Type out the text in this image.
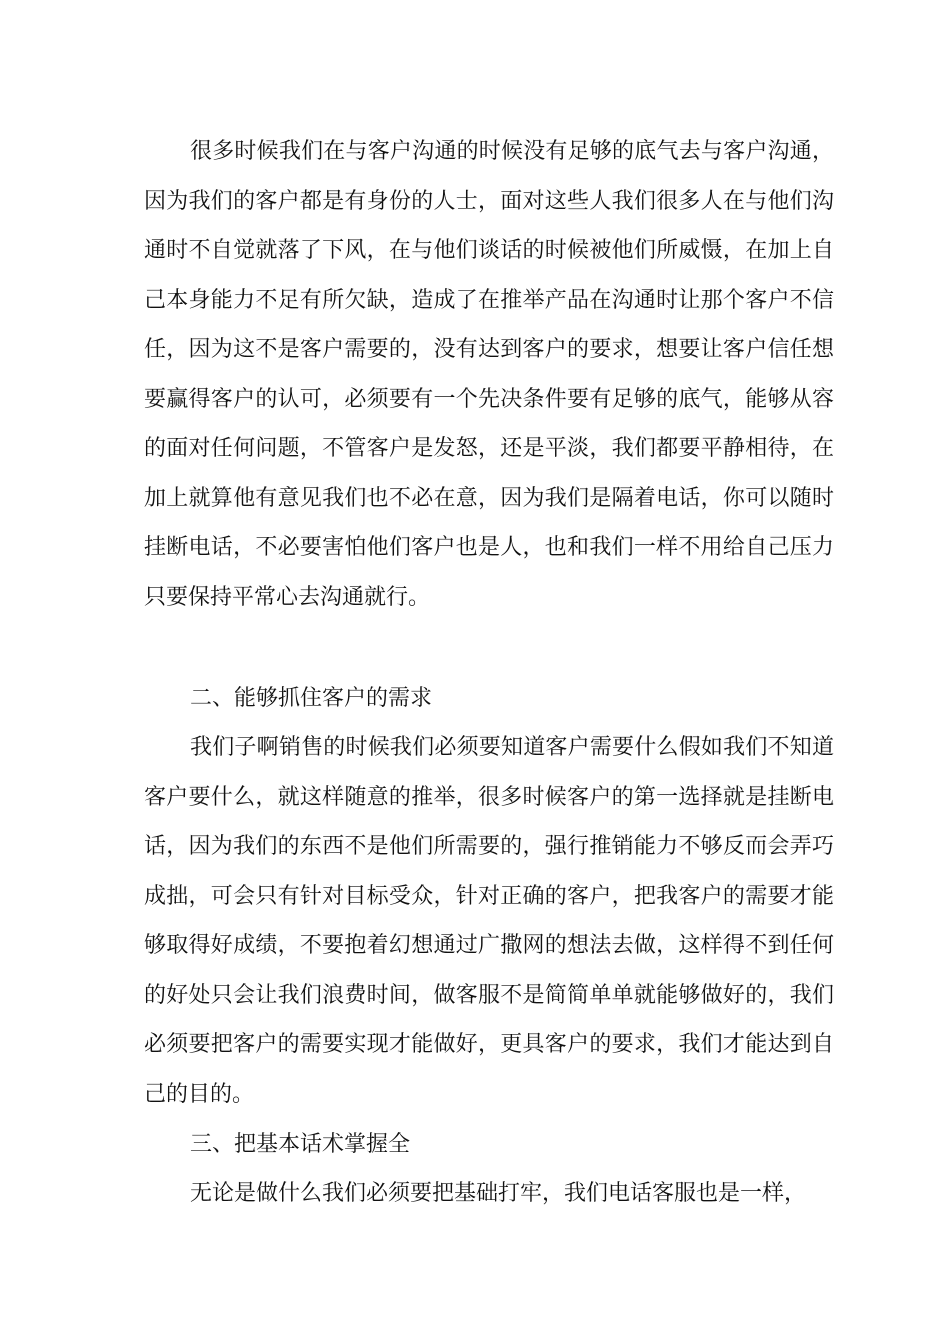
很多时候我们在与客户沟通的时候没有足够的底气去与客户沟通，因为我们的客户都是有身份的人士，面对这些人我们很多人在与他们沟通时不自觉就落了下风，在与他们谈话的时候被他们所威慑，在加上自己本身能力不足有所欠缺，造成了在推举产品在沟通时让那个客户不信任，因为这不是客户需要的，没有达到客户的要求，想要让客户信任想要赢得客户的认可，必须要有一个先决条件要有足够的底气，能够从容的面对任何问题，不管客户是发怒，还是平淡，我们都要平静相待，在加上就算他有意见我们也不必在意，因为我们是隔着电话，你可以随时挂断电话，不必要害怕他们客户也是人，也和我们一样不用给自己压力只要保持平常心去沟通就行。

二、能够抓住客户的需求

我们子啊销售的时候我们必须要知道客户需要什么假如我们不知道客户要什么，就这样随意的推举，很多时候客户的第一选择就是挂断电话，因为我们的东西不是他们所需要的，强行推销能力不够反而会弄巧成拙，可会只有针对目标受众，针对正确的客户，把我客户的需要才能够取得好成绩，不要抱着幻想通过广撒网的想法去做，这样得不到任何的好处只会让我们浪费时间，做客服不是简简单单就能够做好的，我们必须要把客户的需要实现才能做好，更具客户的要求，我们才能达到自己的目的。

三、把基本话术掌握全

无论是做什么我们必须要把基础打牢，我们电话客服也是一样，
